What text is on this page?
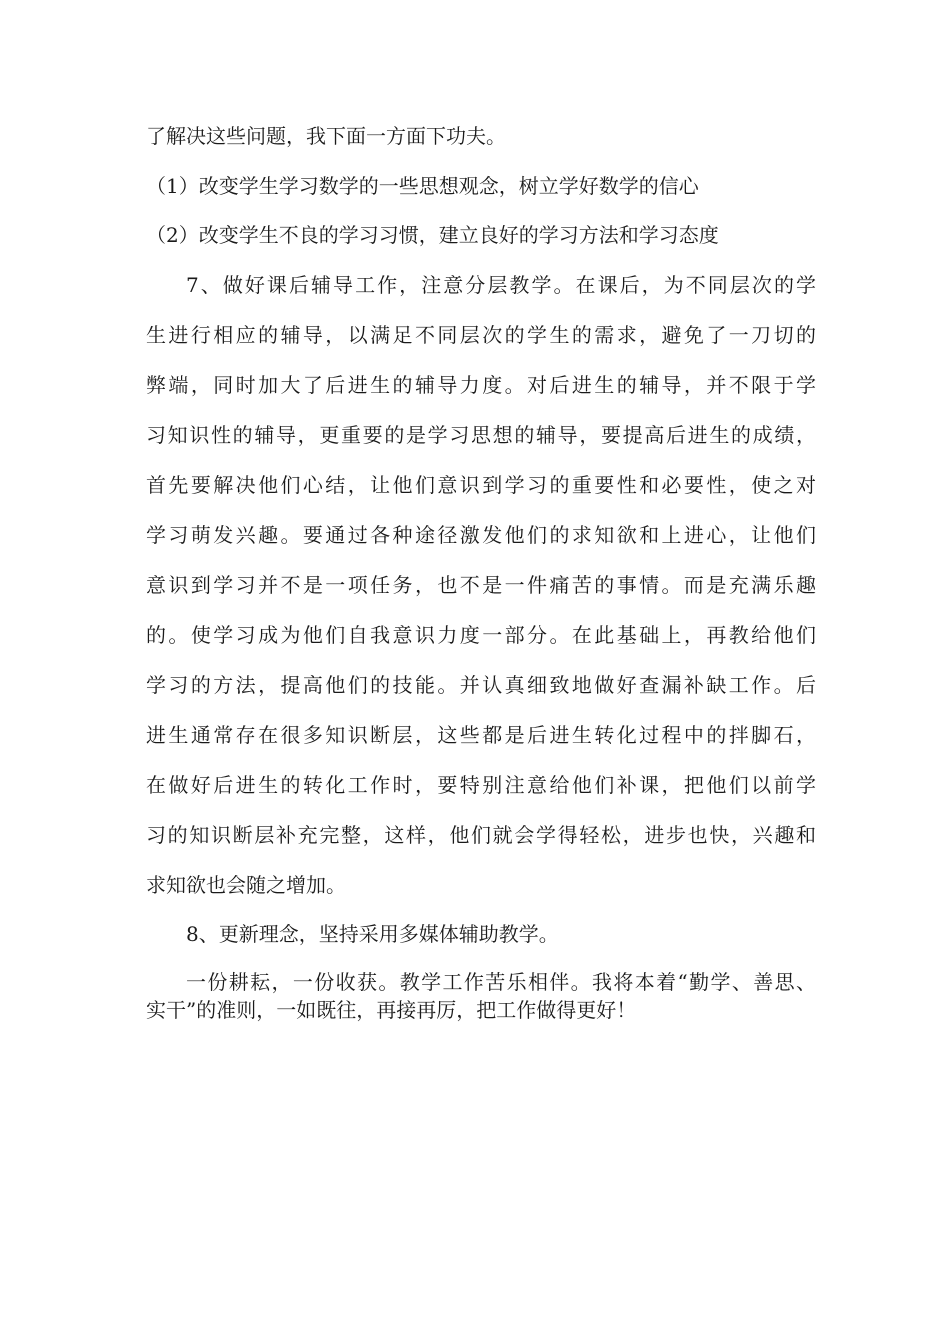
了解决这些问题，我下面一方面下功夫。
（1）改变学生学习数学的一些思想观念，树立学好数学的信心
（2）改变学生不良的学习习惯，建立良好的学习方法和学习态度
7、做好课后辅导工作，注意分层教学。在课后，为不同层次的学
生进行相应的辅导，以满足不同层次的学生的需求，避免了一刀切的
弊端，同时加大了后进生的辅导力度。对后进生的辅导，并不限于学
习知识性的辅导，更重要的是学习思想的辅导，要提高后进生的成绩，
首先要解决他们心结，让他们意识到学习的重要性和必要性，使之对
学习萌发兴趣。要通过各种途径激发他们的求知欲和上进心，让他们
意识到学习并不是一项任务，也不是一件痛苦的事情。而是充满乐趣
的。使学习成为他们自我意识力度一部分。在此基础上，再教给他们
学习的方法，提高他们的技能。并认真细致地做好查漏补缺工作。后
进生通常存在很多知识断层，这些都是后进生转化过程中的拌脚石，
在做好后进生的转化工作时，要特别注意给他们补课，把他们以前学
习的知识断层补充完整，这样，他们就会学得轻松，进步也快，兴趣和
求知欲也会随之增加。
8、更新理念，坚持采用多媒体辅助教学。
一份耕耘，一份收获。教学工作苦乐相伴。我将本着“勤学、善思、
实干”的准则，一如既往，再接再厉，把工作做得更好！
